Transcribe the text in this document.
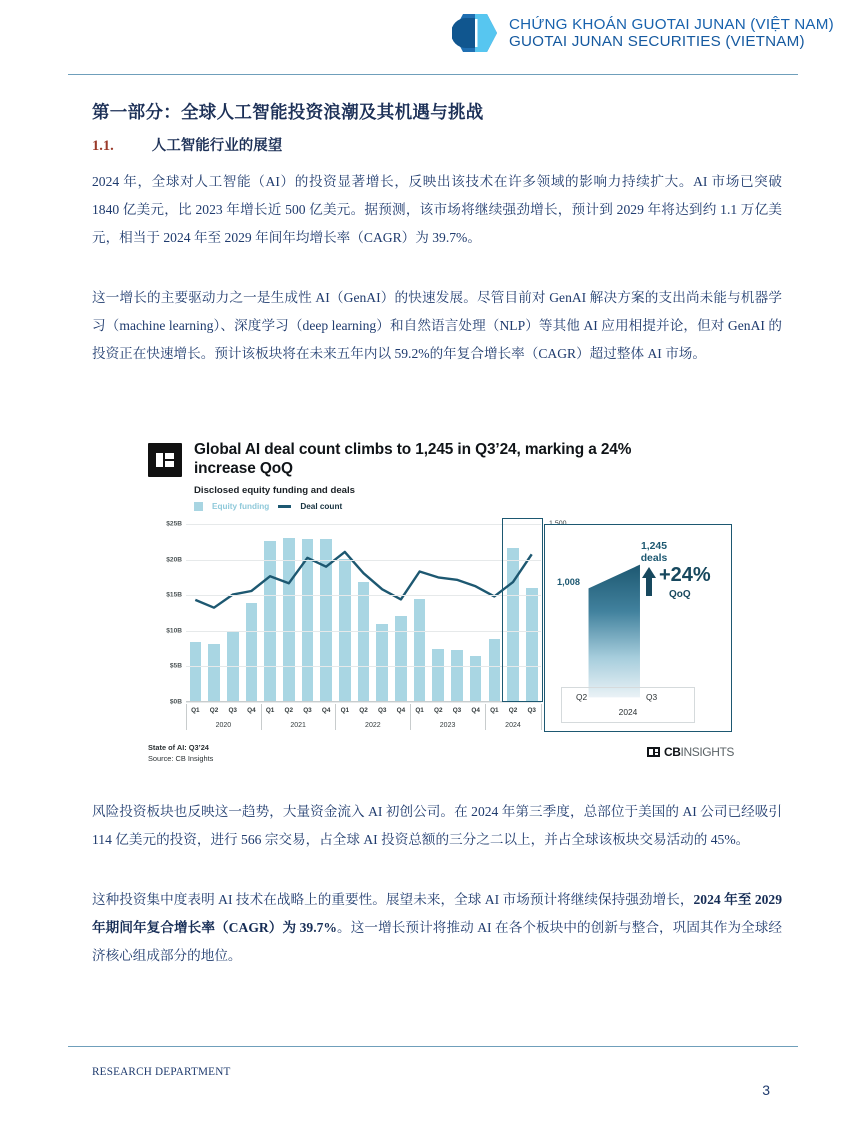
CHỨNG KHOÁN GUOTAI JUNAN (VIỆT NAM)
GUOTAI JUNAN SECURITIES (VIETNAM)
第一部分：全球人工智能投资浪潮及其机遇与挑战
1.1.	人工智能行业的展望
2024 年，全球对人工智能（AI）的投资显著增长，反映出该技术在许多领域的影响力持续扩大。AI 市场已突破 1840 亿美元，比 2023 年增长近 500 亿美元。据预测，该市场将继续强劲增长，预计到 2029 年将达到约 1.1 万亿美元，相当于 2024 年至 2029 年间年均增长率（CAGR）为 39.7%。
这一增长的主要驱动力之一是生成性 AI（GenAI）的快速发展。尽管目前对 GenAI 解决方案的支出尚未能与机器学习（machine learning）、深度学习（deep learning）和自然语言处理（NLP）等其他 AI 应用相提并论，但对 GenAI 的投资正在快速增长。预计该板块将在未来五年内以 59.2%的年复合增长率（CAGR）超过整体 AI 市场。
Global AI deal count climbs to 1,245 in Q3’24, marking a 24% increase QoQ
Disclosed equity funding and deals
Equity funding	Deal count
$0B
$5B
$10B
$15B
$20B
$25B
Q1	Q2	Q3	Q4	Q1	Q2	Q3	Q4	Q1	Q2	Q3	Q4	Q1	Q2	Q3	Q4	Q1	Q2	Q3
2020	2021	2022	2023	2024
State of AI: Q3’24
Source: CB Insights	CBINSIGHTS
1,008
1,245
deals
+24%
QoQ
Q2	Q3
2024
风险投资板块也反映这一趋势，大量资金流入 AI 初创公司。在 2024 年第三季度，总部位于美国的 AI 公司已经吸引 114 亿美元的投资，进行 566 宗交易，占全球 AI 投资总额的三分之二以上，并占全球该板块交易活动的 45%。
这种投资集中度表明 AI 技术在战略上的重要性。展望未来，全球 AI 市场预计将继续保持强劲增长，2024 年至 2029 年期间年复合增长率（CAGR）为 39.7%。这一增长预计将推动 AI 在各个板块中的创新与整合，巩固其作为全球经济核心组成部分的地位。
RESEARCH DEPARTMENT
3
